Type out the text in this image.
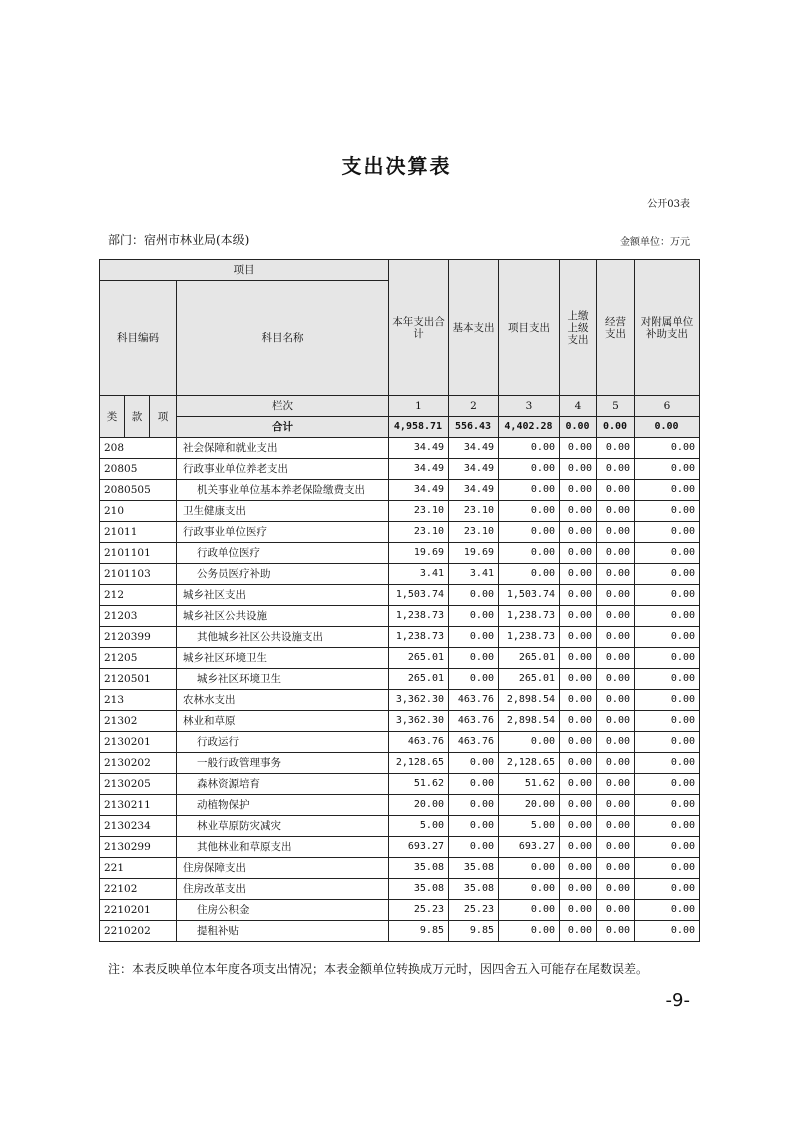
支出决算表
公开03表
部门：宿州市林业局(本级)	金额单位：万元
项目				本年支出合计	基本支出	项目支出	上缴上级支出	经营支出	对附属单位补助支出
科目编码			科目名称						
类	款	项	栏次	1	2	3	4	5	6
			合计	4,958.71	556.43	4,402.28	0.00	0.00	0.00
208			社会保障和就业支出	34.49	34.49	0.00	0.00	0.00	0.00
20805			行政事业单位养老支出	34.49	34.49	0.00	0.00	0.00	0.00
2080505			机关事业单位基本养老保险缴费支出	34.49	34.49	0.00	0.00	0.00	0.00
210			卫生健康支出	23.10	23.10	0.00	0.00	0.00	0.00
21011			行政事业单位医疗	23.10	23.10	0.00	0.00	0.00	0.00
2101101			行政单位医疗	19.69	19.69	0.00	0.00	0.00	0.00
2101103			公务员医疗补助	3.41	3.41	0.00	0.00	0.00	0.00
212			城乡社区支出	1,503.74	0.00	1,503.74	0.00	0.00	0.00
21203			城乡社区公共设施	1,238.73	0.00	1,238.73	0.00	0.00	0.00
2120399			其他城乡社区公共设施支出	1,238.73	0.00	1,238.73	0.00	0.00	0.00
21205			城乡社区环境卫生	265.01	0.00	265.01	0.00	0.00	0.00
2120501			城乡社区环境卫生	265.01	0.00	265.01	0.00	0.00	0.00
213			农林水支出	3,362.30	463.76	2,898.54	0.00	0.00	0.00
21302			林业和草原	3,362.30	463.76	2,898.54	0.00	0.00	0.00
2130201			行政运行	463.76	463.76	0.00	0.00	0.00	0.00
2130202			一般行政管理事务	2,128.65	0.00	2,128.65	0.00	0.00	0.00
2130205			森林资源培育	51.62	0.00	51.62	0.00	0.00	0.00
2130211			动植物保护	20.00	0.00	20.00	0.00	0.00	0.00
2130234			林业草原防灾减灾	5.00	0.00	5.00	0.00	0.00	0.00
2130299			其他林业和草原支出	693.27	0.00	693.27	0.00	0.00	0.00
221			住房保障支出	35.08	35.08	0.00	0.00	0.00	0.00
22102			住房改革支出	35.08	35.08	0.00	0.00	0.00	0.00
2210201			住房公积金	25.23	25.23	0.00	0.00	0.00	0.00
2210202			提租补贴	9.85	9.85	0.00	0.00	0.00	0.00
注：本表反映单位本年度各项支出情况；本表金额单位转换成万元时，因四舍五入可能存在尾数误差。
-9-
